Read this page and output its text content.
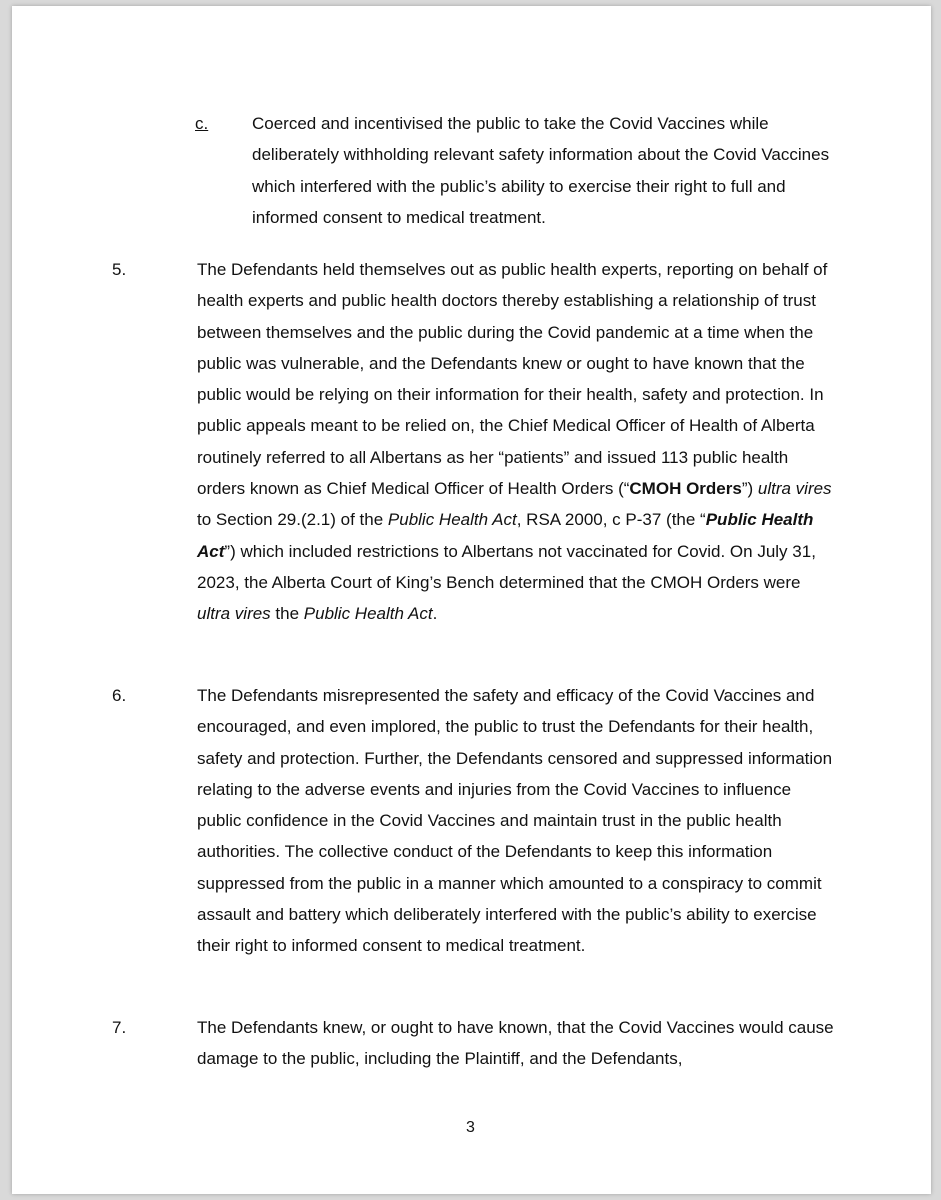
c.	Coerced and incentivised the public to take the Covid Vaccines while deliberately withholding relevant safety information about the Covid Vaccines which interfered with the public’s ability to exercise their right to full and informed consent to medical treatment.

5.	The Defendants held themselves out as public health experts, reporting on behalf of health experts and public health doctors thereby establishing a relationship of trust between themselves and the public during the Covid pandemic at a time when the public was vulnerable, and the Defendants knew or ought to have known that the public would be relying on their information for their health, safety and protection. In public appeals meant to be relied on, the Chief Medical Officer of Health of Alberta routinely referred to all Albertans as her “patients” and issued 113 public health orders known as Chief Medical Officer of Health Orders (“CMOH Orders”) ultra vires to Section 29.(2.1) of the Public Health Act, RSA 2000, c P-37 (the “Public Health Act”) which included restrictions to Albertans not vaccinated for Covid. On July 31, 2023, the Alberta Court of King’s Bench determined that the CMOH Orders were ultra vires the Public Health Act.

6.	The Defendants misrepresented the safety and efficacy of the Covid Vaccines and encouraged, and even implored, the public to trust the Defendants for their health, safety and protection. Further, the Defendants censored and suppressed information relating to the adverse events and injuries from the Covid Vaccines to influence public confidence in the Covid Vaccines and maintain trust in the public health authorities. The collective conduct of the Defendants to keep this information suppressed from the public in a manner which amounted to a conspiracy to commit assault and battery which deliberately interfered with the public’s ability to exercise their right to informed consent to medical treatment.

7.	The Defendants knew, or ought to have known, that the Covid Vaccines would cause damage to the public, including the Plaintiff, and the Defendants,

3
